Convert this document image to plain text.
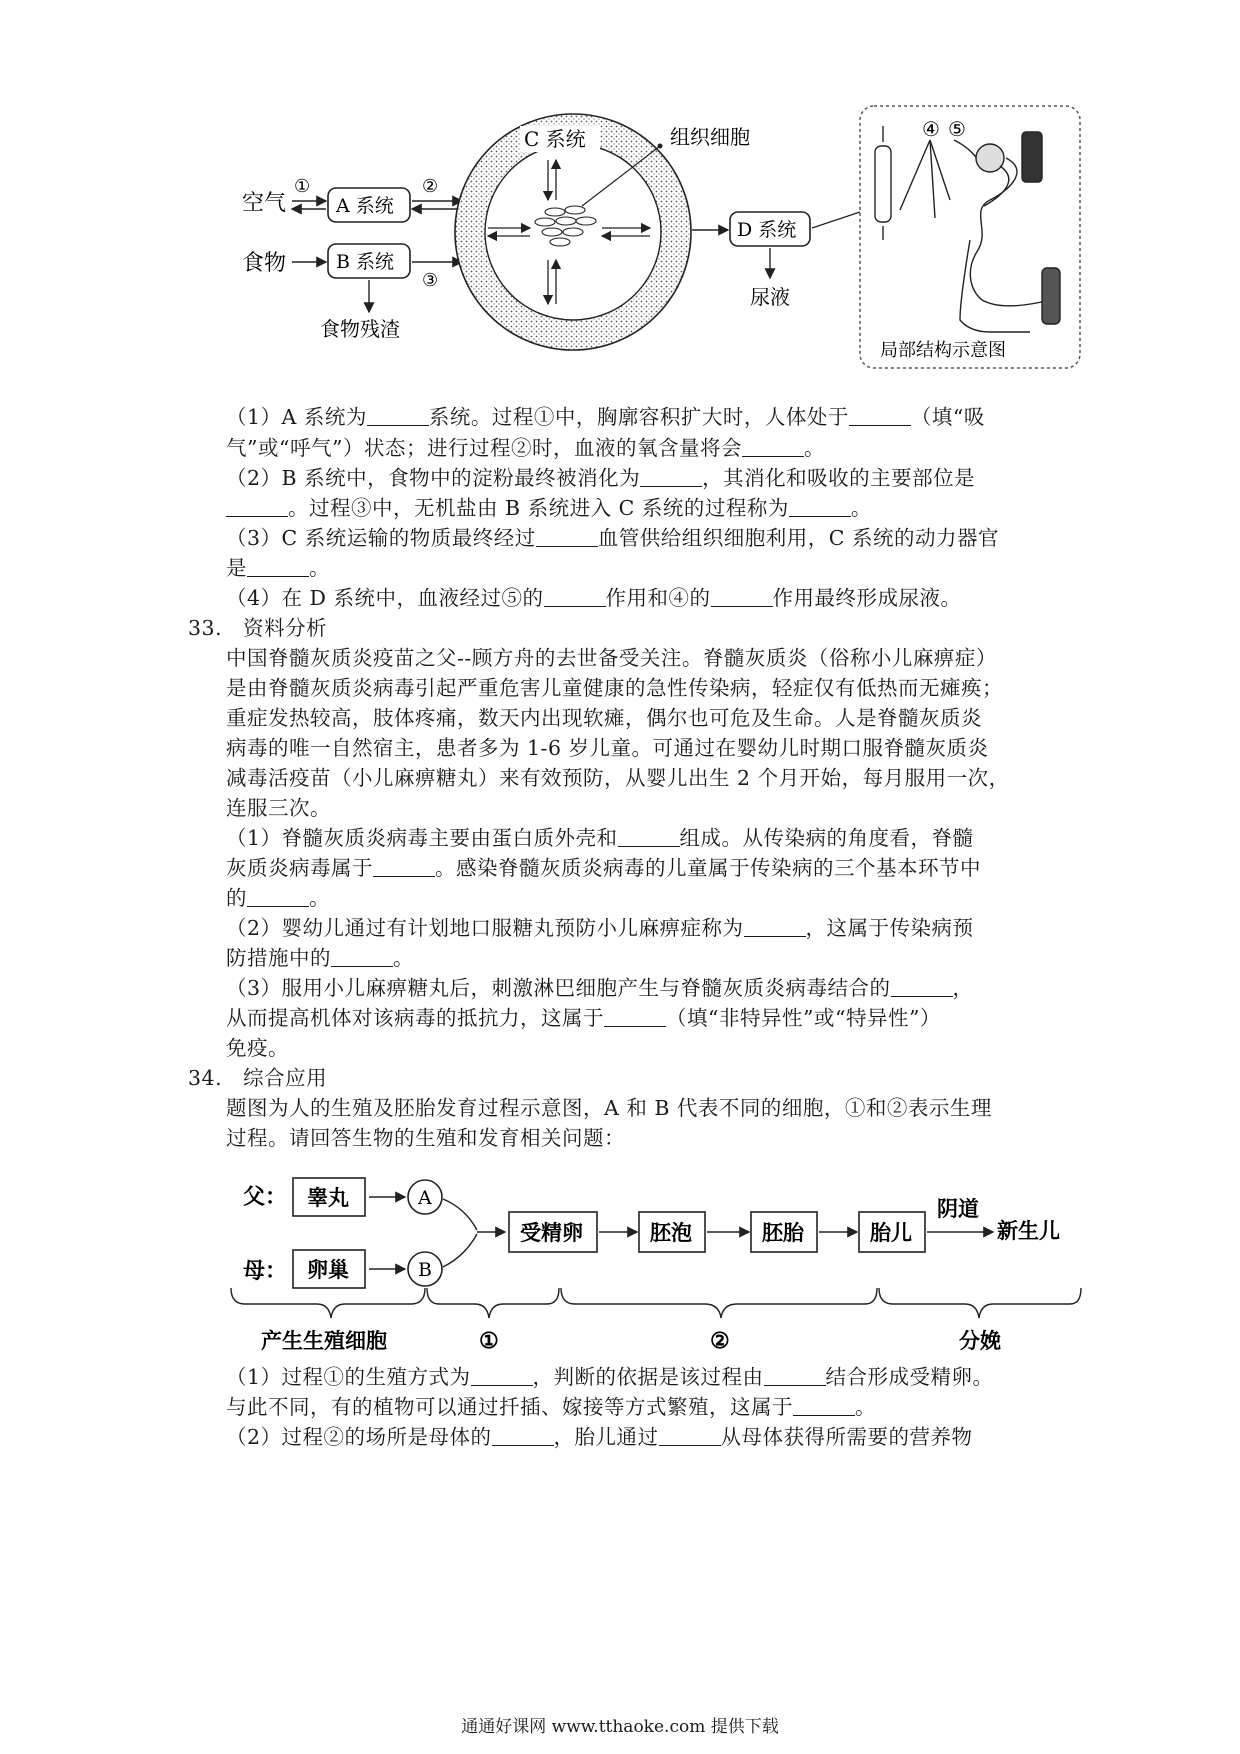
空气
食物
A 系统
①	②
B 系统
③
食物残渣
C 系统	组织细胞
D 系统
尿液
④ ⑤
局部结构示意图
（1）A 系统为	系统。过程①中，胸廓容积扩大时，人体处于	（填“吸
气”或“呼气”）状态；进行过程②时，血液的氧含量将会	。
（2）B 系统中，食物中的淀粉最终被消化为	，其消化和吸收的主要部位是
。过程③中，无机盐由 B 系统进入 C 系统的过程称为	。
（3）C 系统运输的物质最终经过	血管供给组织细胞利用，C 系统的动力器官
是	。
（4）在 D 系统中，血液经过⑤的	作用和④的	作用最终形成尿液。
33. 资料分析
中国脊髓灰质炎疫苗之父--顾方舟的去世备受关注。脊髓灰质炎（俗称小儿麻痹症）
是由脊髓灰质炎病毒引起严重危害儿童健康的急性传染病，轻症仅有低热而无瘫痪；
重症发热较高，肢体疼痛，数天内出现软瘫，偶尔也可危及生命。人是脊髓灰质炎
病毒的唯一自然宿主，患者多为 1-6 岁儿童。可通过在婴幼儿时期口服脊髓灰质炎
减毒活疫苗（小儿麻痹糖丸）来有效预防，从婴儿出生 2 个月开始，每月服用一次，
连服三次。
（1）脊髓灰质炎病毒主要由蛋白质外壳和	组成。从传染病的角度看，脊髓
灰质炎病毒属于	。感染脊髓灰质炎病毒的儿童属于传染病的三个基本环节中
的	。
（2）婴幼儿通过有计划地口服糖丸预防小儿麻痹症称为	，这属于传染病预
防措施中的	。
（3）服用小儿麻痹糖丸后，刺激淋巴细胞产生与脊髓灰质炎病毒结合的	，
从而提高机体对该病毒的抵抗力，这属于	（填“非特异性”或“特异性”）
免疫。
34. 综合应用
题图为人的生殖及胚胎发育过程示意图，A 和 B 代表不同的细胞，①和②表示生理
过程。请回答生物的生殖和发育相关问题：
父：
母：
睾丸
卵巢
A
B
受精卵	胚泡	胚胎	胎儿
阴道
新生儿
产生生殖细胞	①	②	分娩
（1）过程①的生殖方式为	，判断的依据是该过程由	结合形成受精卵。
与此不同，有的植物可以通过扦插、嫁接等方式繁殖，这属于	。
（2）过程②的场所是母体的	，胎儿通过	从母体获得所需要的营养物
通通好课网 www.tthaoke.com 提供下载
